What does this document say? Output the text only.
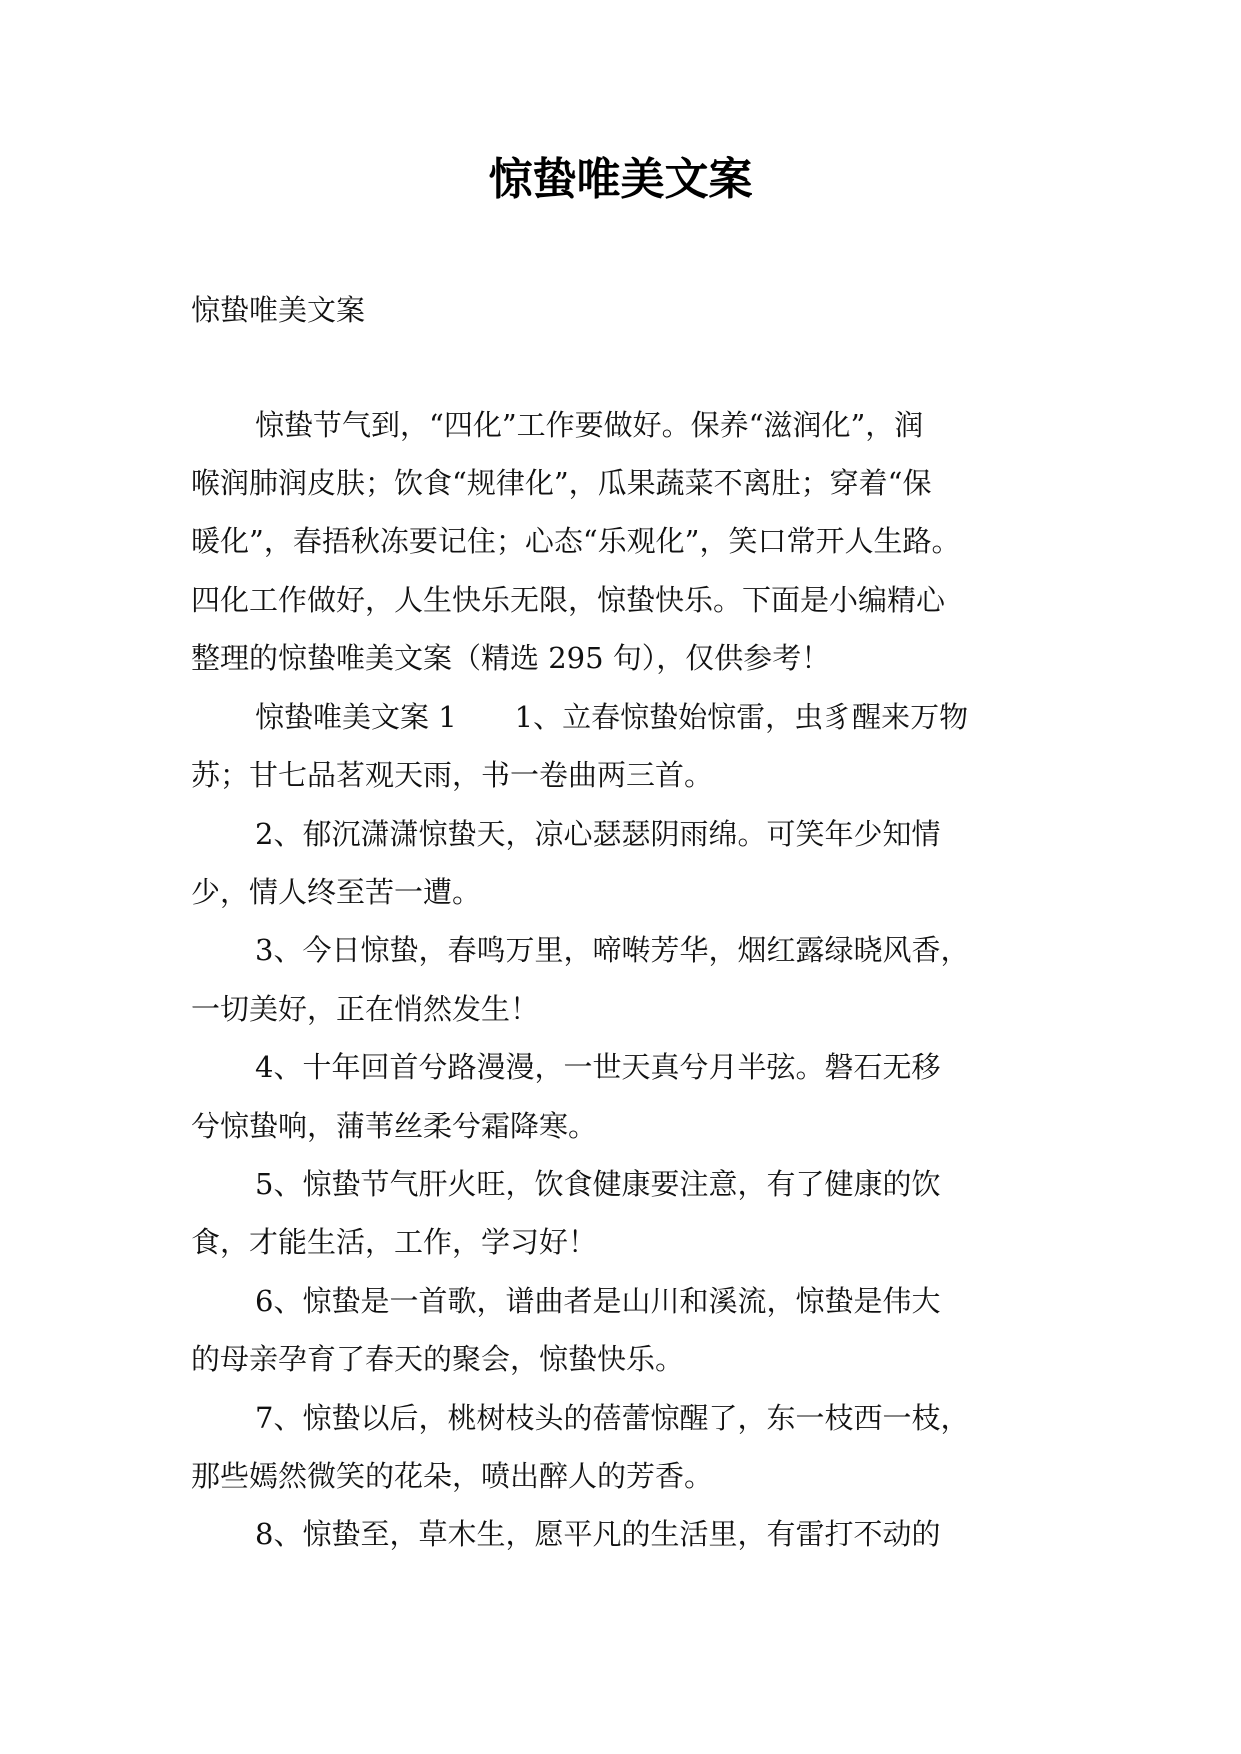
惊蛰唯美文案
惊蛰唯美文案
惊蛰节气到，“四化”工作要做好。保养“滋润化”，润
喉润肺润皮肤；饮食“规律化”，瓜果蔬菜不离肚；穿着“保
暖化”，春捂秋冻要记住；心态“乐观化”，笑口常开人生路。
四化工作做好，人生快乐无限，惊蛰快乐。下面是小编精心
整理的惊蛰唯美文案（精选 295 句），仅供参考！
惊蛰唯美文案 1　　1、立春惊蛰始惊雷，虫豸醒来万物
苏；甘七品茗观天雨，书一卷曲两三首。
2、郁沉潇潇惊蛰天，凉心瑟瑟阴雨绵。可笑年少知情
少，情人终至苦一遭。
3、今日惊蛰，春鸣万里，啼啭芳华，烟红露绿晓风香，
一切美好，正在悄然发生！
4、十年回首兮路漫漫，一世天真兮月半弦。磐石无移
兮惊蛰响，蒲苇丝柔兮霜降寒。
5、惊蛰节气肝火旺，饮食健康要注意，有了健康的饮
食，才能生活，工作，学习好！
6、惊蛰是一首歌，谱曲者是山川和溪流，惊蛰是伟大
的母亲孕育了春天的聚会，惊蛰快乐。
7、惊蛰以后，桃树枝头的蓓蕾惊醒了，东一枝西一枝，
那些嫣然微笑的花朵，喷出醉人的芳香。
8、惊蛰至，草木生，愿平凡的生活里，有雷打不动的
